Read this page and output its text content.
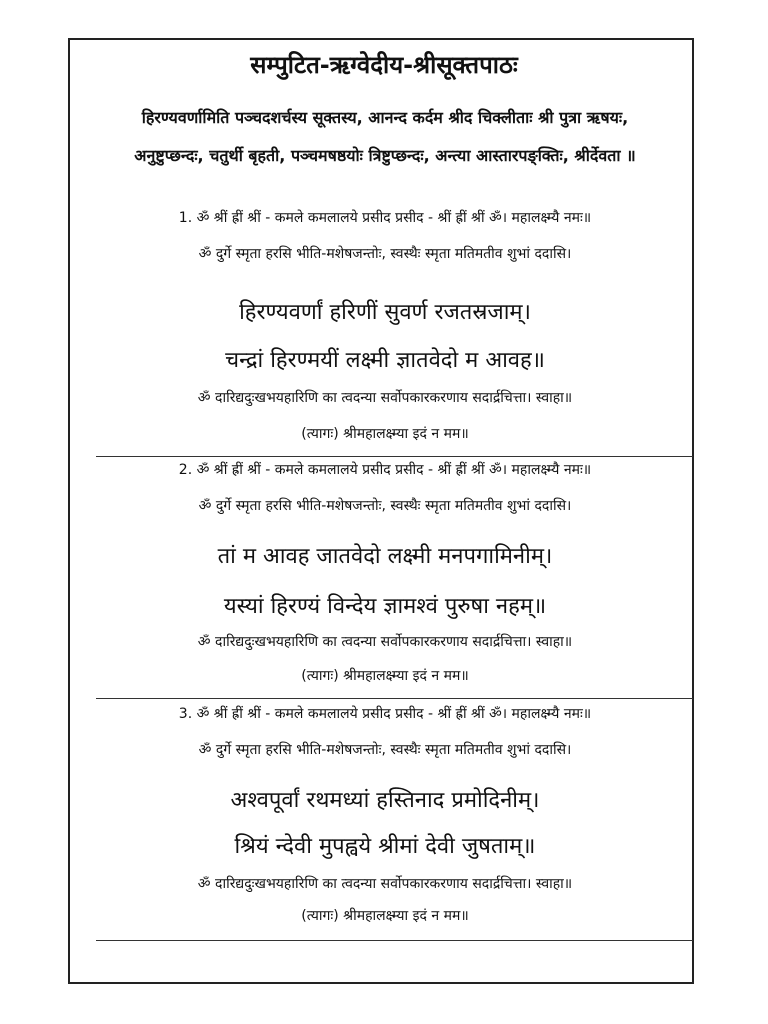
सम्पुटित-ऋग्वेदीय-श्रीसूक्तपाठः
हिरण्यवर्णामिति पञ्चदशर्चस्य सूक्तस्य, आनन्द कर्दम श्रीद चिक्लीताः श्री पुत्रा ऋषयः,
अनुष्टुप्छन्दः, चतुर्थी बृहती, पञ्चमषष्ठयोः त्रिष्टुप्छन्दः, अन्त्या आस्तारपङ्क्तिः, श्रीर्देवता ॥
1. ॐ श्रीं ह्रीं श्रीं - कमले कमलालये प्रसीद प्रसीद - श्रीं ह्रीं श्रीं ॐ। महालक्ष्म्यै नमः॥
ॐ दुर्गे स्मृता हरसि भीति-मशेषजन्तोः, स्वस्थैः स्मृता मतिमतीव शुभां ददासि।
हिरण्यवर्णां हरिणीं सुवर्ण रजतस्रजाम्।
चन्द्रां हिरण्मयीं लक्ष्मी ज्ञातवेदो म आवह॥
ॐ दारिद्यदुःखभयहारिणि का त्वदन्या सर्वोपकारकरणाय सदार्द्रचित्ता। स्वाहा॥
(त्यागः) श्रीमहालक्ष्म्या इदं न मम॥
2. ॐ श्रीं ह्रीं श्रीं - कमले कमलालये प्रसीद प्रसीद - श्रीं ह्रीं श्रीं ॐ। महालक्ष्म्यै नमः॥
ॐ दुर्गे स्मृता हरसि भीति-मशेषजन्तोः, स्वस्थैः स्मृता मतिमतीव शुभां ददासि।
तां म आवह जातवेदो लक्ष्मी मनपगामिनीम्।
यस्यां हिरण्यं विन्देय ज्ञामश्वं पुरुषा नहम्॥
ॐ दारिद्यदुःखभयहारिणि का त्वदन्या सर्वोपकारकरणाय सदार्द्रचित्ता। स्वाहा॥
(त्यागः) श्रीमहालक्ष्म्या इदं न मम॥
3. ॐ श्रीं ह्रीं श्रीं - कमले कमलालये प्रसीद प्रसीद - श्रीं ह्रीं श्रीं ॐ। महालक्ष्म्यै नमः॥
ॐ दुर्गे स्मृता हरसि भीति-मशेषजन्तोः, स्वस्थैः स्मृता मतिमतीव शुभां ददासि।
अश्वपूर्वां रथमध्यां हस्तिनाद प्रमोदिनीम्।
श्रियं न्देवी मुपह्वये श्रीमां देवी जुषताम्॥
ॐ दारिद्यदुःखभयहारिणि का त्वदन्या सर्वोपकारकरणाय सदार्द्रचित्ता। स्वाहा॥
(त्यागः) श्रीमहालक्ष्म्या इदं न मम॥
